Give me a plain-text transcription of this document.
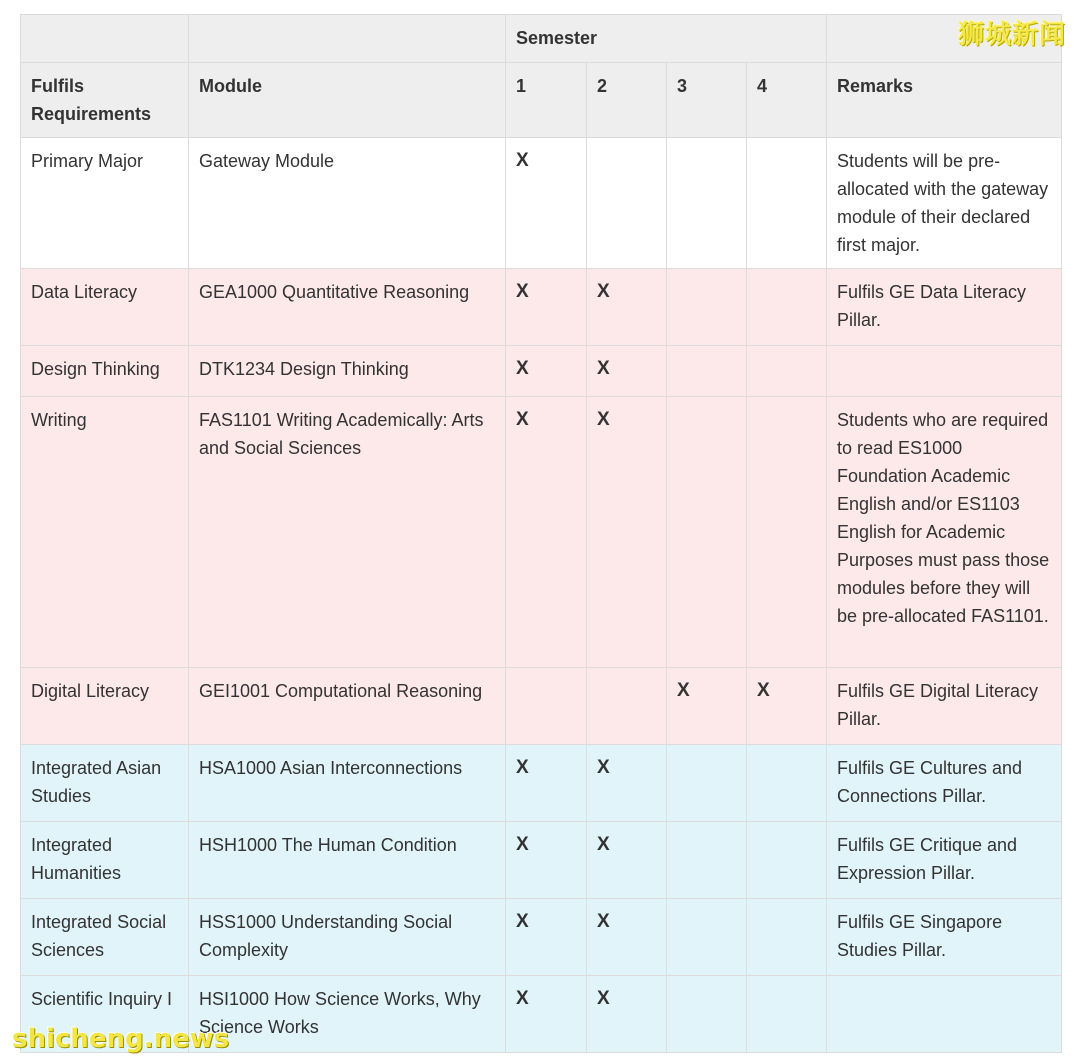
		Semester				
Fulfils Requirements	Module	1	2	3	4	Remarks
Primary Major	Gateway Module	X				Students will be pre-allocated with the gateway module of their declared first major.
Data Literacy	GEA1000 Quantitative Reasoning	X	X			Fulfils GE Data Literacy Pillar.
Design Thinking	DTK1234 Design Thinking	X	X			
Writing	FAS1101 Writing Academically: Arts and Social Sciences	X	X			Students who are required to read ES1000 Foundation Academic English and/or ES1103 English for Academic Purposes must pass those modules before they will be pre-allocated FAS1101.
Digital Literacy	GEI1001 Computational Reasoning			X	X	Fulfils GE Digital Literacy Pillar.
Integrated Asian Studies	HSA1000 Asian Interconnections	X	X			Fulfils GE Cultures and Connections Pillar.
Integrated Humanities	HSH1000 The Human Condition	X	X			Fulfils GE Critique and Expression Pillar.
Integrated Social Sciences	HSS1000 Understanding Social Complexity	X	X			Fulfils GE Singapore Studies Pillar.
Scientific Inquiry I	HSI1000 How Science Works, Why Science Works	X	X			
狮城新闻
shicheng.news
